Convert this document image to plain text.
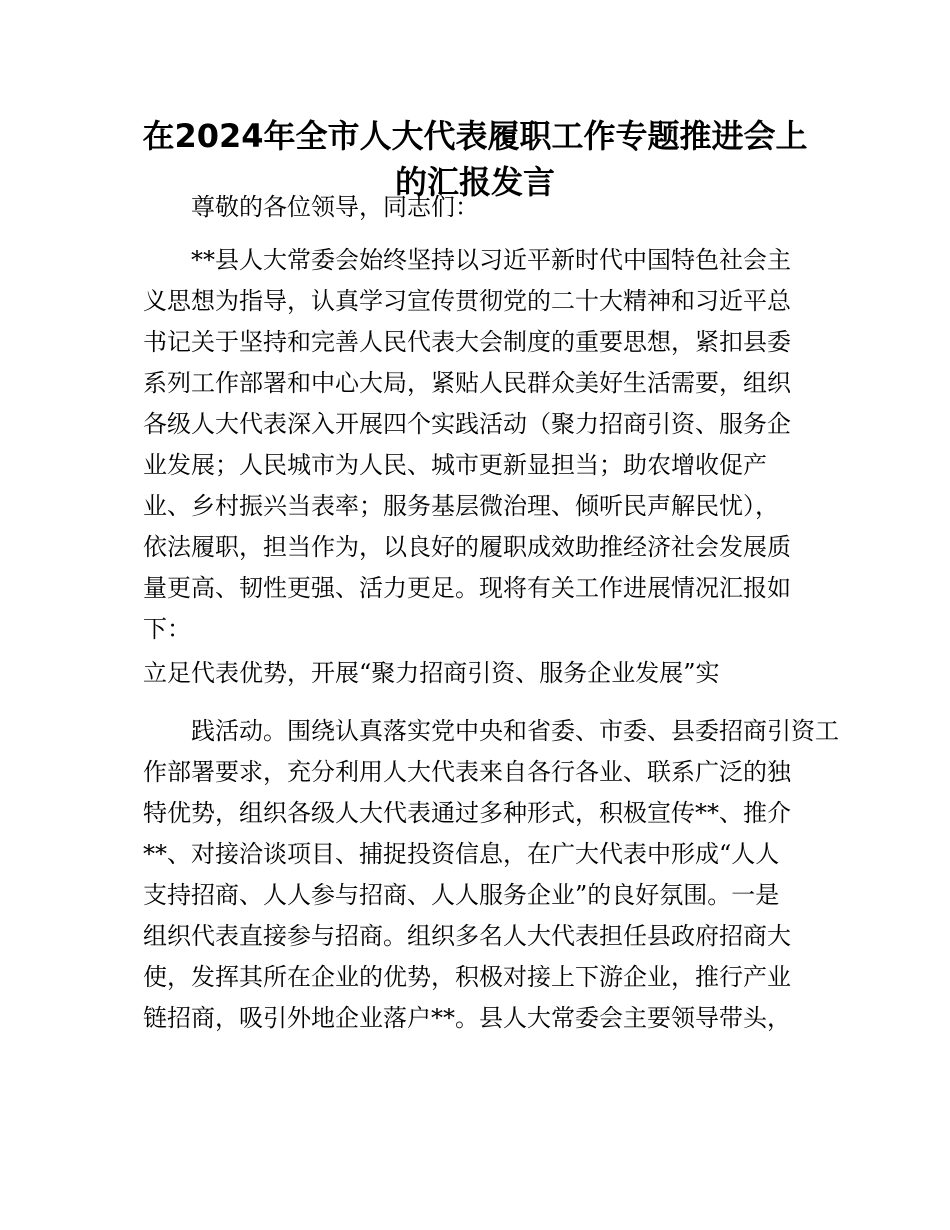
在2024年全市人大代表履职工作专题推进会上
的汇报发言

尊敬的各位领导，同志们：

**县人大常委会始终坚持以习近平新时代中国特色社会主

义思想为指导，认真学习宣传贯彻党的二十大精神和习近平总

书记关于坚持和完善人民代表大会制度的重要思想，紧扣县委

系列工作部署和中心大局，紧贴人民群众美好生活需要，组织

各级人大代表深入开展四个实践活动（聚力招商引资、服务企

业发展；人民城市为人民、城市更新显担当；助农增收促产

业、乡村振兴当表率；服务基层微治理、倾听民声解民忧），

依法履职，担当作为，以良好的履职成效助推经济社会发展质

量更高、韧性更强、活力更足。现将有关工作进展情况汇报如

下：

立足代表优势，开展“聚力招商引资、服务企业发展”实

践活动。围绕认真落实党中央和省委、市委、县委招商引资工

作部署要求，充分利用人大代表来自各行各业、联系广泛的独

特优势，组织各级人大代表通过多种形式，积极宣传**、推介

**、对接洽谈项目、捕捉投资信息，在广大代表中形成“人人

支持招商、人人参与招商、人人服务企业”的良好氛围。一是

组织代表直接参与招商。组织多名人大代表担任县政府招商大

使，发挥其所在企业的优势，积极对接上下游企业，推行产业

链招商，吸引外地企业落户**。县人大常委会主要领导带头，
